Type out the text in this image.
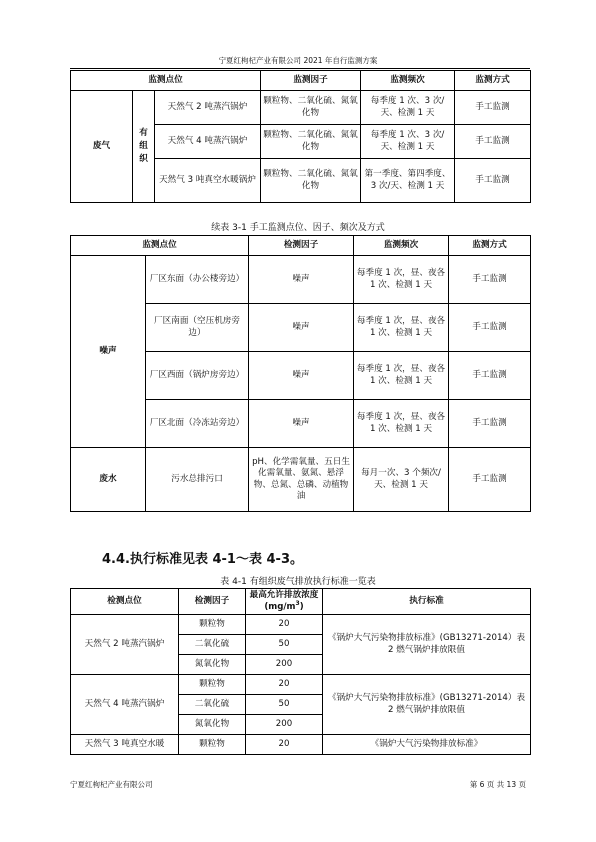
宁夏红枸杞产业有限公司 2021 年自行监测方案
监测点位			监测因子	监测频次	监测方式
废气	有组织	天然气 2 吨蒸汽锅炉	颗粒物、二氧化硫、氮氧化物	每季度 1 次、3 次/天、检测 1 天	手工监测
		天然气 4 吨蒸汽锅炉	颗粒物、二氧化硫、氮氧化物	每季度 1 次、3 次/天、检测 1 天	手工监测
		天然气 3 吨真空水暖锅炉	颗粒物、二氧化硫、氮氧化物	第一季度、第四季度、3 次/天、检测 1 天	手工监测
续表 3-1 手工监测点位、因子、频次及方式
监测点位		检测因子	监测频次	监测方式
噪声	厂区东面（办公楼旁边）	噪声	每季度 1 次，昼、夜各 1 次、检测 1 天	手工监测
	厂区南面（空压机房旁边）	噪声	每季度 1 次，昼、夜各 1 次、检测 1 天	手工监测
	厂区西面（锅炉房旁边）	噪声	每季度 1 次，昼、夜各 1 次、检测 1 天	手工监测
	厂区北面（冷冻站旁边）	噪声	每季度 1 次，昼、夜各 1 次、检测 1 天	手工监测
废水	污水总排污口	pH、化学需氧量、五日生化需氧量、氨氮、悬浮物、总氮、总磷、动植物油	每月一次、3 个频次/天、检测 1 天	手工监测
4.4.执行标准见表 4-1～表 4-3。
表 4-1 有组织废气排放执行标准一览表
检测点位	检测因子	最高允许排放浓度$(mg/m^3)$	执行标准
天然气 2 吨蒸汽锅炉	颗粒物	20	《锅炉大气污染物排放标准》(GB13271-2014）表 2 燃气锅炉排放限值
	二氧化硫	50	
	氮氧化物	200	
天然气 4 吨蒸汽锅炉	颗粒物	20	《锅炉大气污染物排放标准》(GB13271-2014）表 2 燃气锅炉排放限值
	二氧化硫	50	
	氮氧化物	200	
天然气 3 吨真空水暖	颗粒物	20	《锅炉大气污染物排放标准》
宁夏红枸杞产业有限公司	第 6 页 共 13 页
